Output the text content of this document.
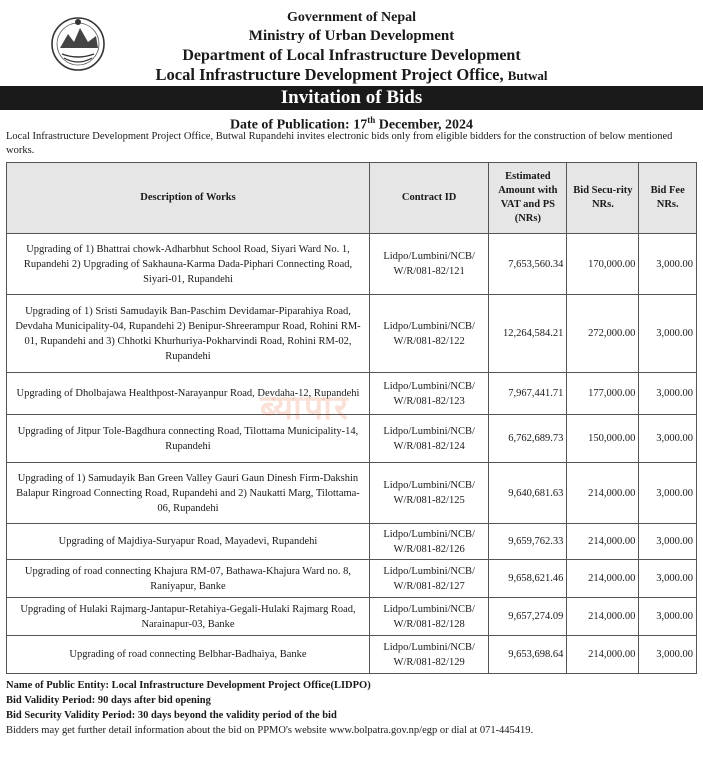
Government of Nepal
Ministry of Urban Development
Department of Local Infrastructure Development
Local Infrastructure Development Project Office, Butwal
Invitation of Bids
Date of Publication: 17th December, 2024
Local Infrastructure Development Project Office, Butwal Rupandehi invites electronic bids only from eligible bidders for the construction of below mentioned works.
Description of Works	Contract ID	Estimated Amount with VAT and PS (NRs)	Bid Secu-rity NRs.	Bid Fee NRs.
Upgrading of 1) Bhattrai chowk-Adharbhut School Road, Siyari Ward No. 1, Rupandehi 2) Upgrading of Sakhauna-Karma Dada-Piphari Connecting Road, Siyari-01, Rupandehi	Lidpo/Lumbini/NCB/ W/R/081-82/121	7,653,560.34	170,000.00	3,000.00
Upgrading of 1) Sristi Samudayik Ban-Paschim Devidamar-Piparahiya Road, Devdaha Municipality-04, Rupandehi 2) Benipur-Shreerampur Road, Rohini RM-01, Rupandehi and 3) Chhotki Khurhuriya-Pokharvindi Road, Rohini RM-02, Rupandehi	Lidpo/Lumbini/NCB/ W/R/081-82/122	12,264,584.21	272,000.00	3,000.00
Upgrading of Dholbajawa Healthpost-Narayanpur Road, Devdaha-12, Rupandehi	Lidpo/Lumbini/NCB/ W/R/081-82/123	7,967,441.71	177,000.00	3,000.00
Upgrading of Jitpur Tole-Bagdhura connecting Road, Tilottama Municipality-14, Rupandehi	Lidpo/Lumbini/NCB/ W/R/081-82/124	6,762,689.73	150,000.00	3,000.00
Upgrading of 1) Samudayik Ban Green Valley Gauri Gaun Dinesh Firm-Dakshin Balapur Ringroad Connecting Road, Rupandehi and 2) Naukatti Marg, Tilottama-06, Rupandehi	Lidpo/Lumbini/NCB/ W/R/081-82/125	9,640,681.63	214,000.00	3,000.00
Upgrading of Majdiya-Suryapur Road, Mayadevi, Rupandehi	Lidpo/Lumbini/NCB/ W/R/081-82/126	9,659,762.33	214,000.00	3,000.00
Upgrading of road connecting Khajura RM-07, Bathawa-Khajura Ward no. 8, Raniyapur, Banke	Lidpo/Lumbini/NCB/ W/R/081-82/127	9,658,621.46	214,000.00	3,000.00
Upgrading of Hulaki Rajmarg-Jantapur-Retahiya-Gegali-Hulaki Rajmarg Road, Narainapur-03, Banke	Lidpo/Lumbini/NCB/ W/R/081-82/128	9,657,274.09	214,000.00	3,000.00
Upgrading of road connecting Belbhar-Badhaiya, Banke	Lidpo/Lumbini/NCB/ W/R/081-82/129	9,653,698.64	214,000.00	3,000.00
ब्यापार
Name of Public Entity: Local Infrastructure Development Project Office(LIDPO)
Bid Validity Period: 90 days after bid opening
Bid Security Validity Period: 30 days beyond the validity period of the bid
Bidders may get further detail information about the bid on PPMO's website www.bolpatra.gov.np/egp or dial at 071-445419.
